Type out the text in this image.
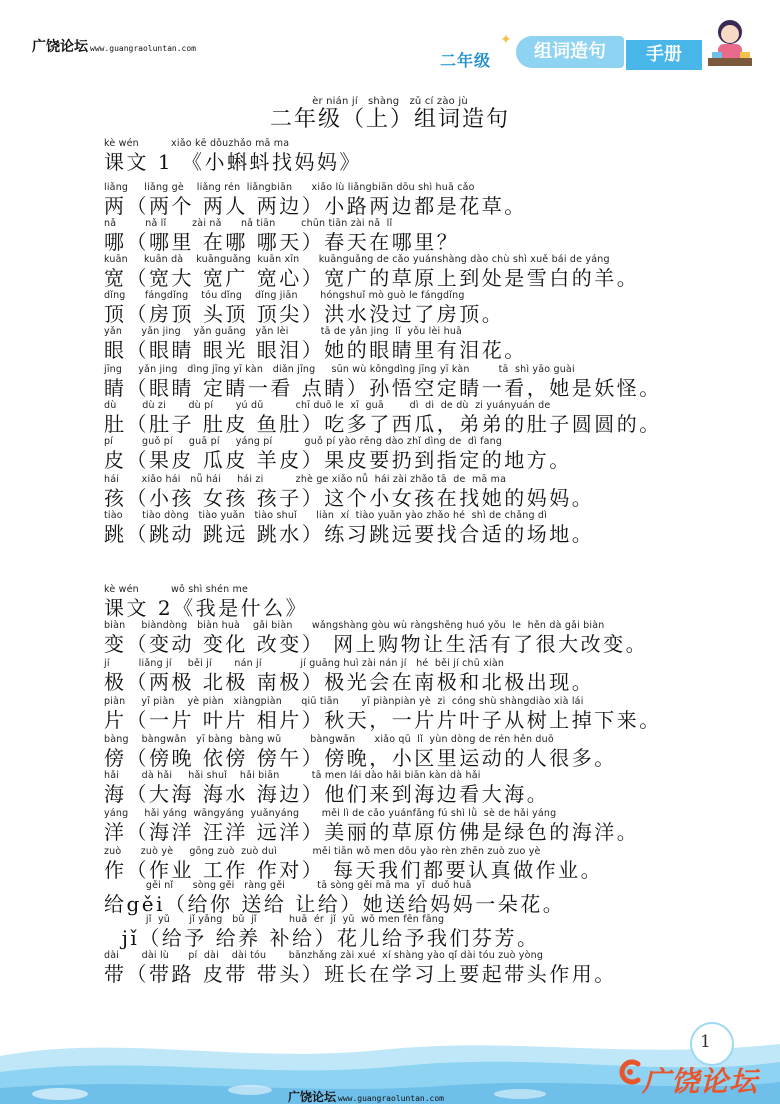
广饶论坛 www.guangraoluntan.com
二年级
✦
组词造句	手册
èr nián jí   shàng   zǔ cí zào jù
二年级（上）组词造句
kè wén          xiǎo kē dǒuzhǎo mā ma
课文 1 《小蝌蚪找妈妈》
liǎng     liǎng gè    liǎng rén  liǎngbiān      xiǎo lù liǎngbiān dōu shì huā cǎo
两（两个 两人 两边）小路两边都是花草。
nǎ         nǎ lǐ        zài nǎ      nǎ tiān        chūn tiān zài nǎ  lǐ
哪（哪里 在哪 哪天）春天在哪里？
kuān     kuān dà    kuānguǎng  kuān xīn      kuānguǎng de cǎo yuánshàng dào chù shì xuě bái de yáng
宽（宽大 宽广 宽心）宽广的草原上到处是雪白的羊。
dǐng      fángdǐng    tóu dǐng    dǐng jiān       hóngshuǐ mò guò le fángdǐng
顶（房顶 头顶 顶尖）洪水没过了房顶。
yǎn      yǎn jing    yǎn guāng   yǎn lèi          tā de yǎn jing  lǐ  yǒu lèi huā
眼（眼睛 眼光 眼泪）她的眼睛里有泪花。
jīng     yǎn jing   dìng jīng yī kàn   diǎn jīng     sūn wù kōngdìng jīng yī kàn         tā  shì yāo guài
睛（眼睛 定睛一看 点睛）孙悟空定睛一看，她是妖怪。
dù        dù zi       dù pí       yú dǔ          chī duō le  xī  guā        dì  di  de dù  zi yuányuán de
肚（肚子 肚皮 鱼肚）吃多了西瓜，弟弟的肚子圆圆的。
pí         guǒ pí     guā pí     yáng pí          guǒ pí yào rēng dào zhǐ dìng de  dì fang
皮（果皮 瓜皮 羊皮）果皮要扔到指定的地方。
hái       xiǎo hái   nǚ hái     hái zi          zhè ge xiǎo nǚ  hái zài zhǎo tā  de  mā ma
孩（小孩 女孩 孩子）这个小女孩在找她的妈妈。
tiào      tiào dòng   tiào yuǎn   tiào shuǐ      liàn  xí  tiào yuǎn yào zhǎo hé  shì de chǎng dì
跳（跳动 跳远 跳水）练习跳远要找合适的场地。
kè wén          wǒ shì shén me
课文 2《我是什么》
biàn     biàndòng   biàn huà    gǎi biàn      wǎngshàng gòu wù ràngshēng huó yǒu  le  hěn dà gǎi biàn
变（变动 变化 改变） 网上购物让生活有了很大改变。
jí         liǎng jí     běi jí       nán jí            jí guāng huì zài nán jí   hé  běi jí chū xiàn
极（两极 北极 南极）极光会在南极和北极出现。
piàn     yī piàn    yè piàn   xiàngpiàn      qiū tiān       yī piànpiàn yè  zi  cóng shù shàngdiào xià lái
片（一片 叶片 相片）秋天，一片片叶子从树上掉下来。
bàng    bàngwǎn   yī bàng  bàng wǔ         bàngwǎn      xiǎo qū  lǐ  yùn dòng de rén hěn duō
傍（傍晚 依傍 傍午）傍晚，小区里运动的人很多。
hǎi       dà hǎi     hǎi shuǐ    hǎi biān          tā men lái dào hǎi biān kàn dà hǎi
海（大海 海水 海边）他们来到海边看大海。
yáng     hǎi yáng  wāngyáng  yuǎnyáng       měi lì de cǎo yuánfǎng fú shì lǜ  sè de hǎi yáng
洋（海洋 汪洋 远洋）美丽的草原仿佛是绿色的海洋。
zuò      zuò yè     gōng zuò  zuò duì           měi tiān wǒ men dōu yào rèn zhēn zuò zuo yè
作（作业 工作 作对） 每天我们都要认真做作业。
gěi nǐ      sòng gěi   ràng gěi          tā sòng gěi mā ma  yī  duǒ huā
给gěi（给你 送给 让给）她送给妈妈一朵花。
jǐ  yǔ      jǐ yǎng   bǔ  jǐ          huā  ér  jǐ  yǔ  wǒ men fēn fāng
jǐ（给予 给养 补给）花儿给予我们芬芳。
dài       dài lù      pí  dài    dài tóu       bānzhǎng zài xué  xí shàng yào qǐ dài tóu zuò yòng
带（带路 皮带 带头）班长在学习上要起带头作用。
1
广饶论坛 www.guangraoluntan.com
广饶论坛
